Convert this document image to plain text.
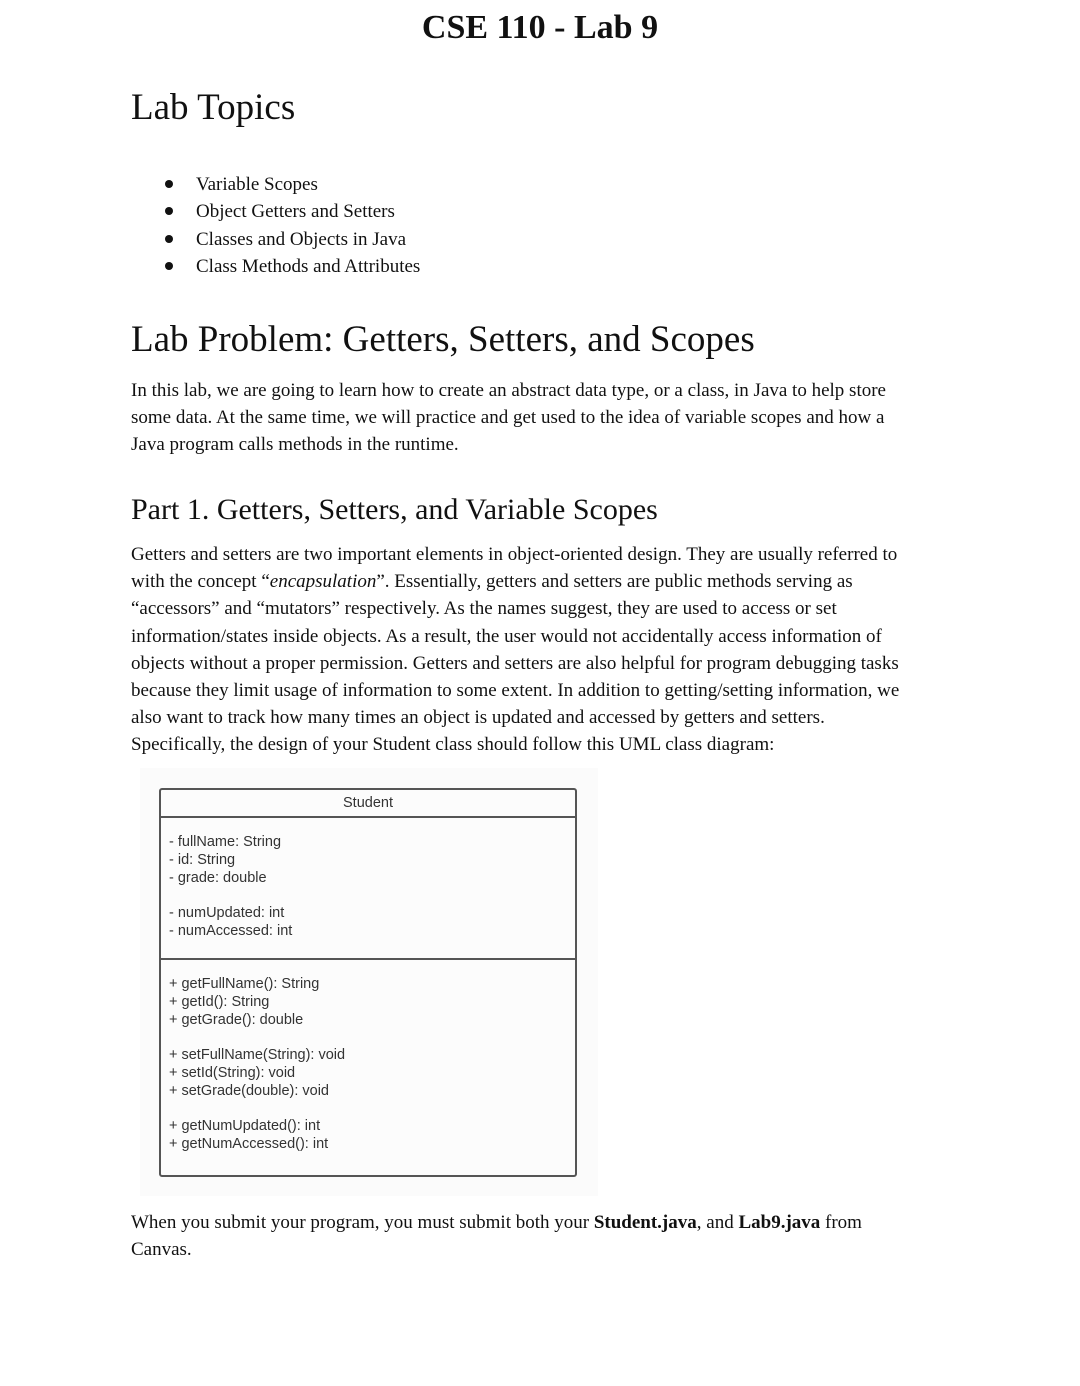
CSE 110 - Lab 9
Lab Topics
Variable Scopes
Object Getters and Setters
Classes and Objects in Java
Class Methods and Attributes
Lab Problem: Getters, Setters, and Scopes

In this lab, we are going to learn how to create an abstract data type, or a class, in Java to help store
some data. At the same time, we will practice and get used to the idea of variable scopes and how a
Java program calls methods in the runtime.

Part 1. Getters, Setters, and Variable Scopes

Getters and setters are two important elements in object-oriented design. They are usually referred to
with the concept “encapsulation”. Essentially, getters and setters are public methods serving as
“accessors” and “mutators” respectively. As the names suggest, they are used to access or set
information/states inside objects. As a result, the user would not accidentally access information of
objects without a proper permission. Getters and setters are also helpful for program debugging tasks
because they limit usage of information to some extent. In addition to getting/setting information, we
also want to track how many times an object is updated and accessed by getters and setters.
Specifically, the design of your Student class should follow this UML class diagram:

Student
- fullName: String
- id: String
- grade: double
- numUpdated: int
- numAccessed: int
+ getFullName(): String
+ getId(): String
+ getGrade(): double
+ setFullName(String): void
+ setId(String): void
+ setGrade(double): void
+ getNumUpdated(): int
+ getNumAccessed(): int

When you submit your program, you must submit both your Student.java, and Lab9.java from
Canvas.
